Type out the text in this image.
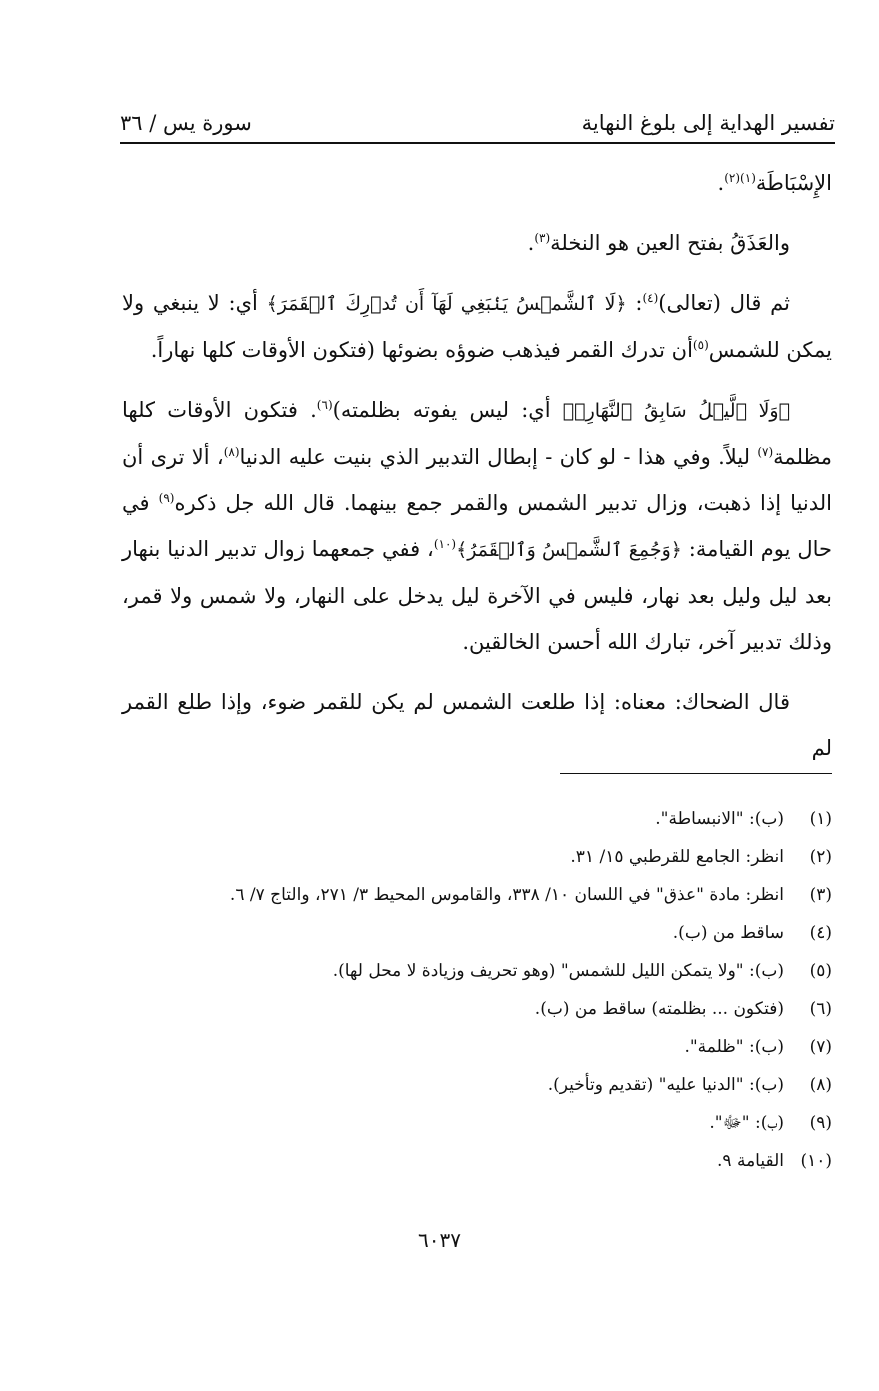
تفسير الهداية إلى بلوغ النهاية
سورة يس / ٣٦

الإِسْبَاطَة$^{(١)(٢)}$.

والعَذَقُ بفتح العين هو النخلة$^{(٣)}$.

ثم قال (تعالى)$^{(٤)}$: ﴿لَا ٱلشَّمۡسُ يَنۢبَغِي لَهَآ أَن تُدۡرِكَ ٱلۡقَمَرَ﴾ أي: لا ينبغي ولا يمكن للشمس$^{(٥)}$أن تدرك القمر فيذهب ضوؤه بضوئها (فتكون الأوقات كلها نهاراً.

﴿وَلَا ٱلَّيۡلُ سَابِقُ ٱلنَّهَارِۚ﴾ أي: ليس يفوته بظلمته)$^{(٦)}$. فتكون الأوقات كلها مظلمة$^{(٧)}$ ليلاً. وفي هذا - لو كان - إبطال التدبير الذي بنيت عليه الدنيا$^{(٨)}$، ألا ترى أن الدنيا إذا ذهبت، وزال تدبير الشمس والقمر جمع بينهما. قال الله جل ذكره$^{(٩)}$ في حال يوم القيامة: ﴿وَجُمِعَ ٱلشَّمۡسُ وَٱلۡقَمَرُ﴾$^{(١٠)}$، ففي جمعهما زوال تدبير الدنيا بنهار بعد ليل وليل بعد نهار، فليس في الآخرة ليل يدخل على النهار، ولا شمس ولا قمر، وذلك تدبير آخر، تبارك الله أحسن الخالقين.

قال الضحاك: معناه: إذا طلعت الشمس لم يكن للقمر ضوء، وإذا طلع القمر لم

(١)
(ب): "الانبساطة".
(٢)
انظر: الجامع للقرطبي ١٥/ ٣١.
(٣)
انظر: مادة "عذق" في اللسان ١٠/ ٣٣٨، والقاموس المحيط ٣/ ٢٧١، والتاج ٧/ ٦.
(٤)
ساقط من (ب).
(٥)
(ب): "ولا يتمكن الليل للشمس" (وهو تحريف وزيادة لا محل لها).
(٦)
(فتكون ... بظلمته) ساقط من (ب).
(٧)
(ب): "ظلمة".
(٨)
(ب): "الدنيا عليه" (تقديم وتأخير).
(٩)
(ب): "ﷻ".
(١٠)
القيامة ٩.
٦٠٣٧
